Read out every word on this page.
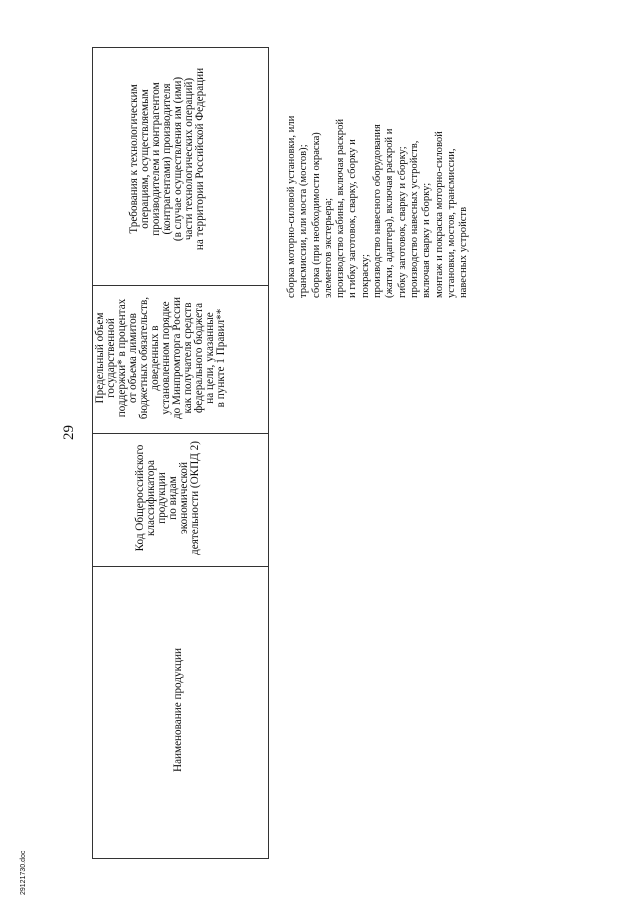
29
Наименование продукции
Код Общероссийского классификатора продукции по видам экономической деятельности (ОКПД 2)
Предельный объем государственной поддержки* в процентах от объема лимитов бюджетных обязательств, доведенных в установленном порядке до Минпромторга России как получателя средств федерального бюджета на цели, указанные в пункте 1 Правил**
Требования к технологическим операциям, осуществляемым производителем и контрагентом (контрагентами) производителя (в случае осуществления им (ими) части технологических операций) на территории Российской Федерации	сборка моторно-силовой установки, или трансмиссии, или моста (мостов); сборка (при необходимости окраска) элементов экстерьера; производство кабины, включая раскрой и гибку заготовок, сварку, сборку и покраску; производство навесного оборудования (жатки, адаптера), включая раскрой и гибку заготовок, сварку и сборку; производство навесных устройств, включая сварку и сборку; монтаж и покраска моторно-силовой установки, мостов, трансмиссии, навесных устройств
29121730.doc
